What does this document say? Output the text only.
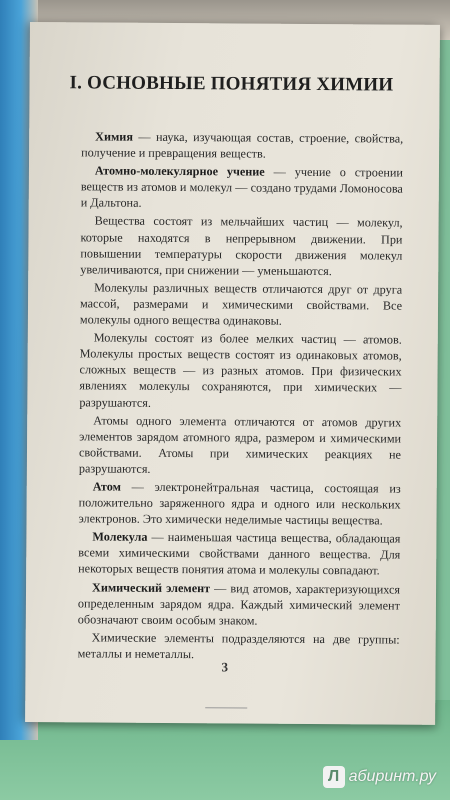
I. ОСНОВНЫЕ ПОНЯТИЯ ХИМИИ

Химия — наука, изучающая состав, строение, свойства, получение и превращения веществ.

Атомно-молекулярное учение — учение о строении веществ из атомов и молекул — создано трудами Ломоносова и Дальтона.

Вещества состоят из мельчайших частиц — молекул, которые находятся в непрерывном движении. При повышении температуры скорости движения молекул увеличиваются, при снижении — уменьшаются.

Молекулы различных веществ отличаются друг от друга массой, размерами и химическими свойствами. Все молекулы одного вещества одинаковы.

Молекулы состоят из более мелких частиц — атомов. Молекулы простых веществ состоят из одинаковых атомов, сложных веществ — из разных атомов. При физических явлениях молекулы сохраняются, при химических — разрушаются.

Атомы одного элемента отличаются от атомов других элементов зарядом атомного ядра, размером и химическими свойствами. Атомы при химических реакциях не разрушаются.

Атом — электронейтральная частица, состоящая из положительно заряженного ядра и одного или нескольких электронов. Это химически неделимые частицы вещества.

Молекула — наименьшая частица вещества, обладающая всеми химическими свойствами данного вещества. Для некоторых веществ понятия атома и молекулы совпадают.

Химический элемент — вид атомов, характеризующихся определенным зарядом ядра. Каждый химический элемент обозначают своим особым знаком.

Химические элементы подразделяются на две группы: металлы и неметаллы.

3
Л абиринт.ру
